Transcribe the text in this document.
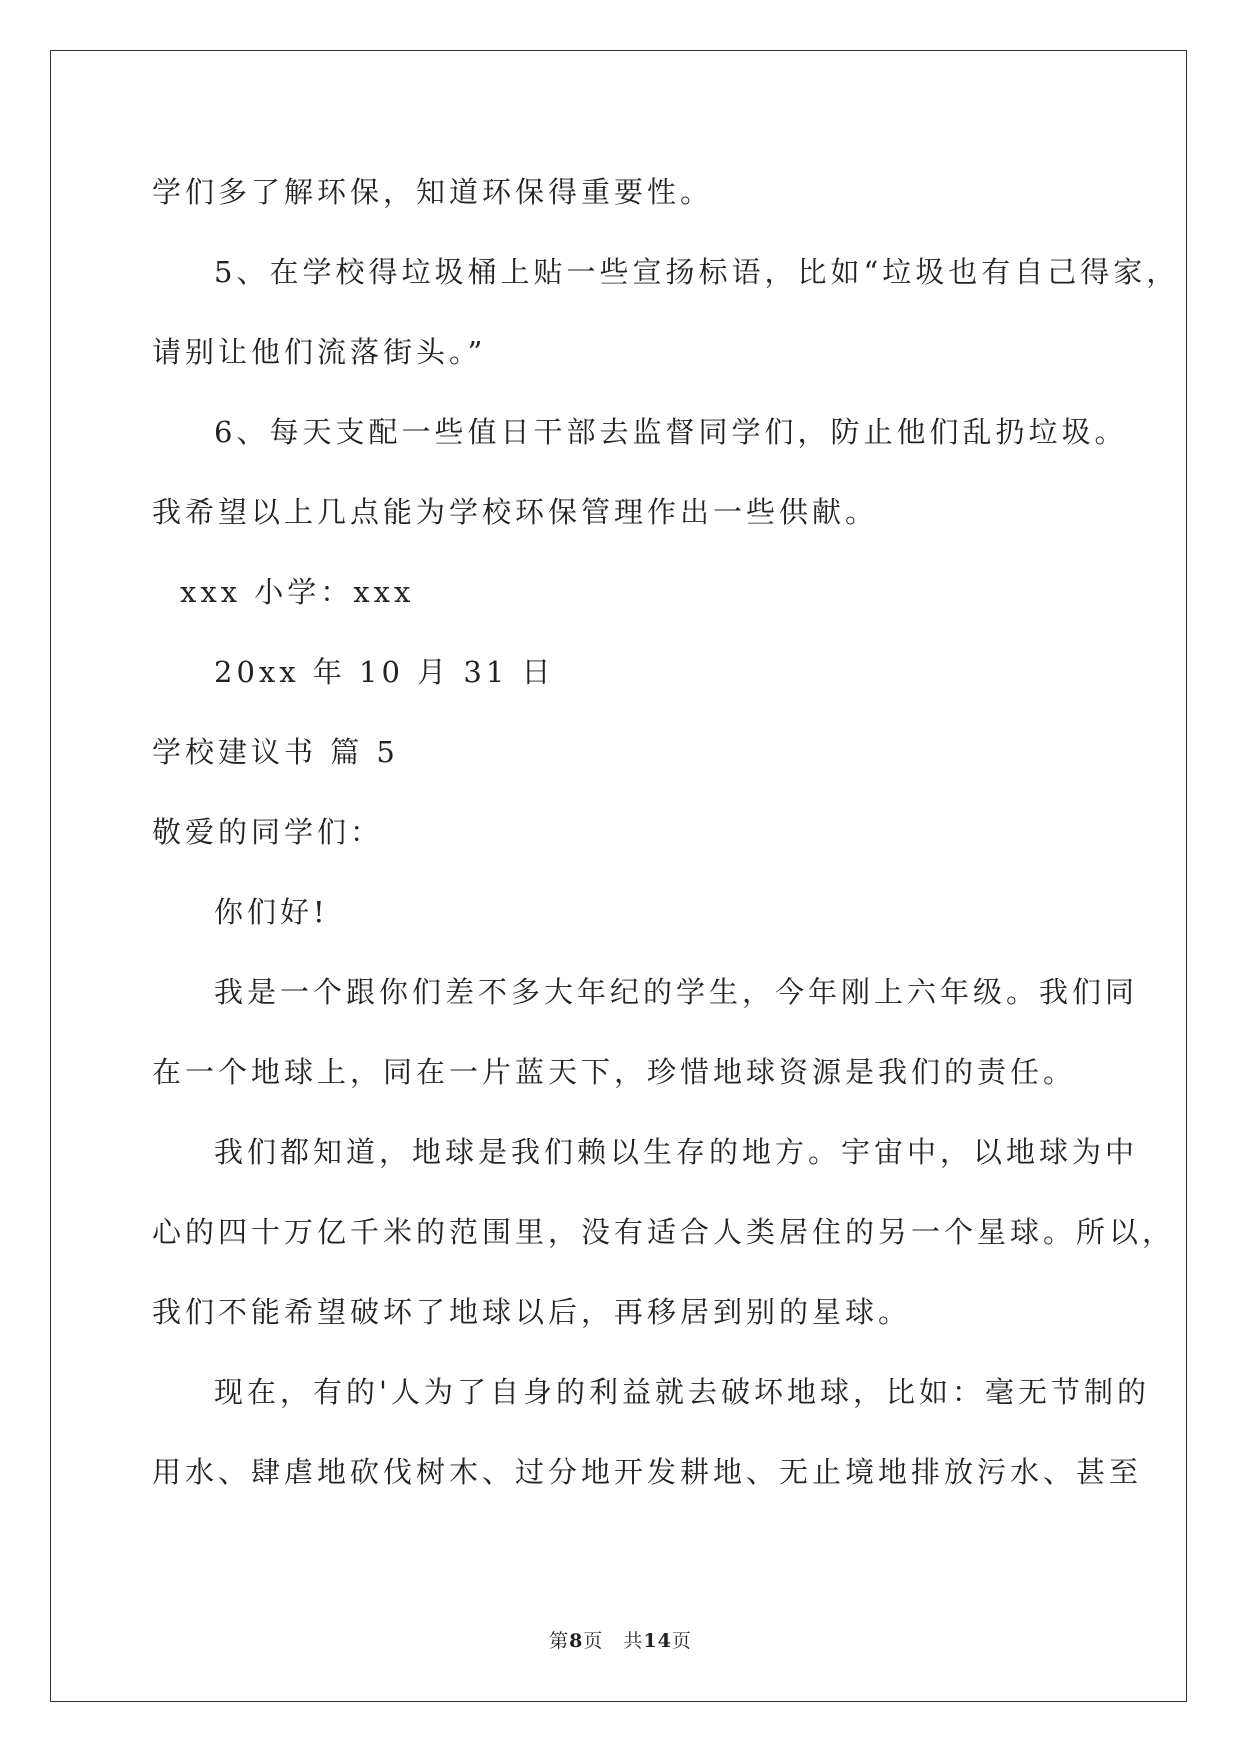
学们多了解环保，知道环保得重要性。
5、在学校得垃圾桶上贴一些宣扬标语，比如“垃圾也有自己得家，
请别让他们流落街头。”
6、每天支配一些值日干部去监督同学们，防止他们乱扔垃圾。
我希望以上几点能为学校环保管理作出一些供献。
xxx 小学：xxx
20xx 年 10 月 31 日
学校建议书 篇 5
敬爱的同学们：
你们好!
我是一个跟你们差不多大年纪的学生，今年刚上六年级。我们同
在一个地球上，同在一片蓝天下，珍惜地球资源是我们的责任。
我们都知道，地球是我们赖以生存的地方。宇宙中，以地球为中
心的四十万亿千米的范围里，没有适合人类居住的另一个星球。所以，
我们不能希望破坏了地球以后，再移居到别的星球。
现在，有的'人为了自身的利益就去破坏地球，比如：毫无节制的
用水、肆虐地砍伐树木、过分地开发耕地、无止境地排放污水、甚至
第8页　共14页
